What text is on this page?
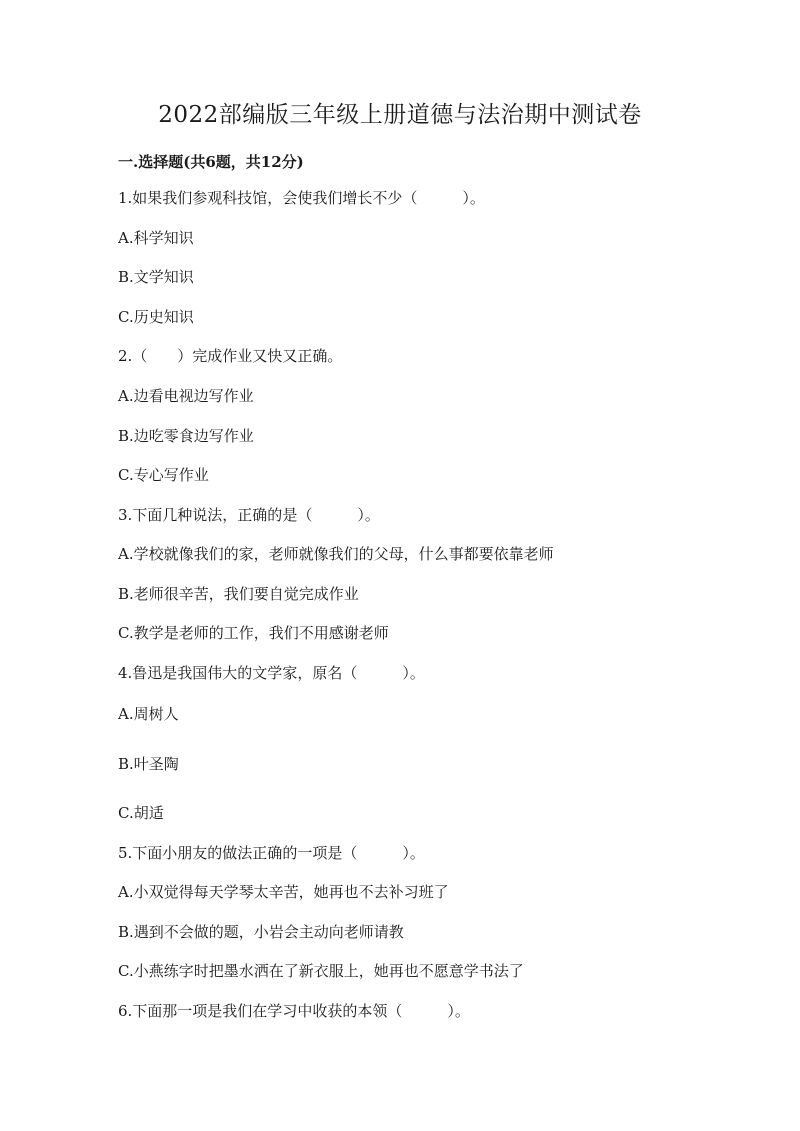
2022部编版三年级上册道德与法治期中测试卷
一.选择题(共6题，共12分)
1.如果我们参观科技馆，会使我们增长不少（　　　）。
A.科学知识
B.文学知识
C.历史知识
2.（　　）完成作业又快又正确。
A.边看电视边写作业
B.边吃零食边写作业
C.专心写作业
3.下面几种说法，正确的是（　　　）。
A.学校就像我们的家，老师就像我们的父母，什么事都要依靠老师
B.老师很辛苦，我们要自觉完成作业
C.教学是老师的工作，我们不用感谢老师
4.鲁迅是我国伟大的文学家，原名（　　　）。
A.周树人
B.叶圣陶
C.胡适
5.下面小朋友的做法正确的一项是（　　　）。
A.小双觉得每天学琴太辛苦，她再也不去补习班了
B.遇到不会做的题，小岩会主动向老师请教
C.小燕练字时把墨水洒在了新衣服上，她再也不愿意学书法了
6.下面那一项是我们在学习中收获的本领（　　　）。
